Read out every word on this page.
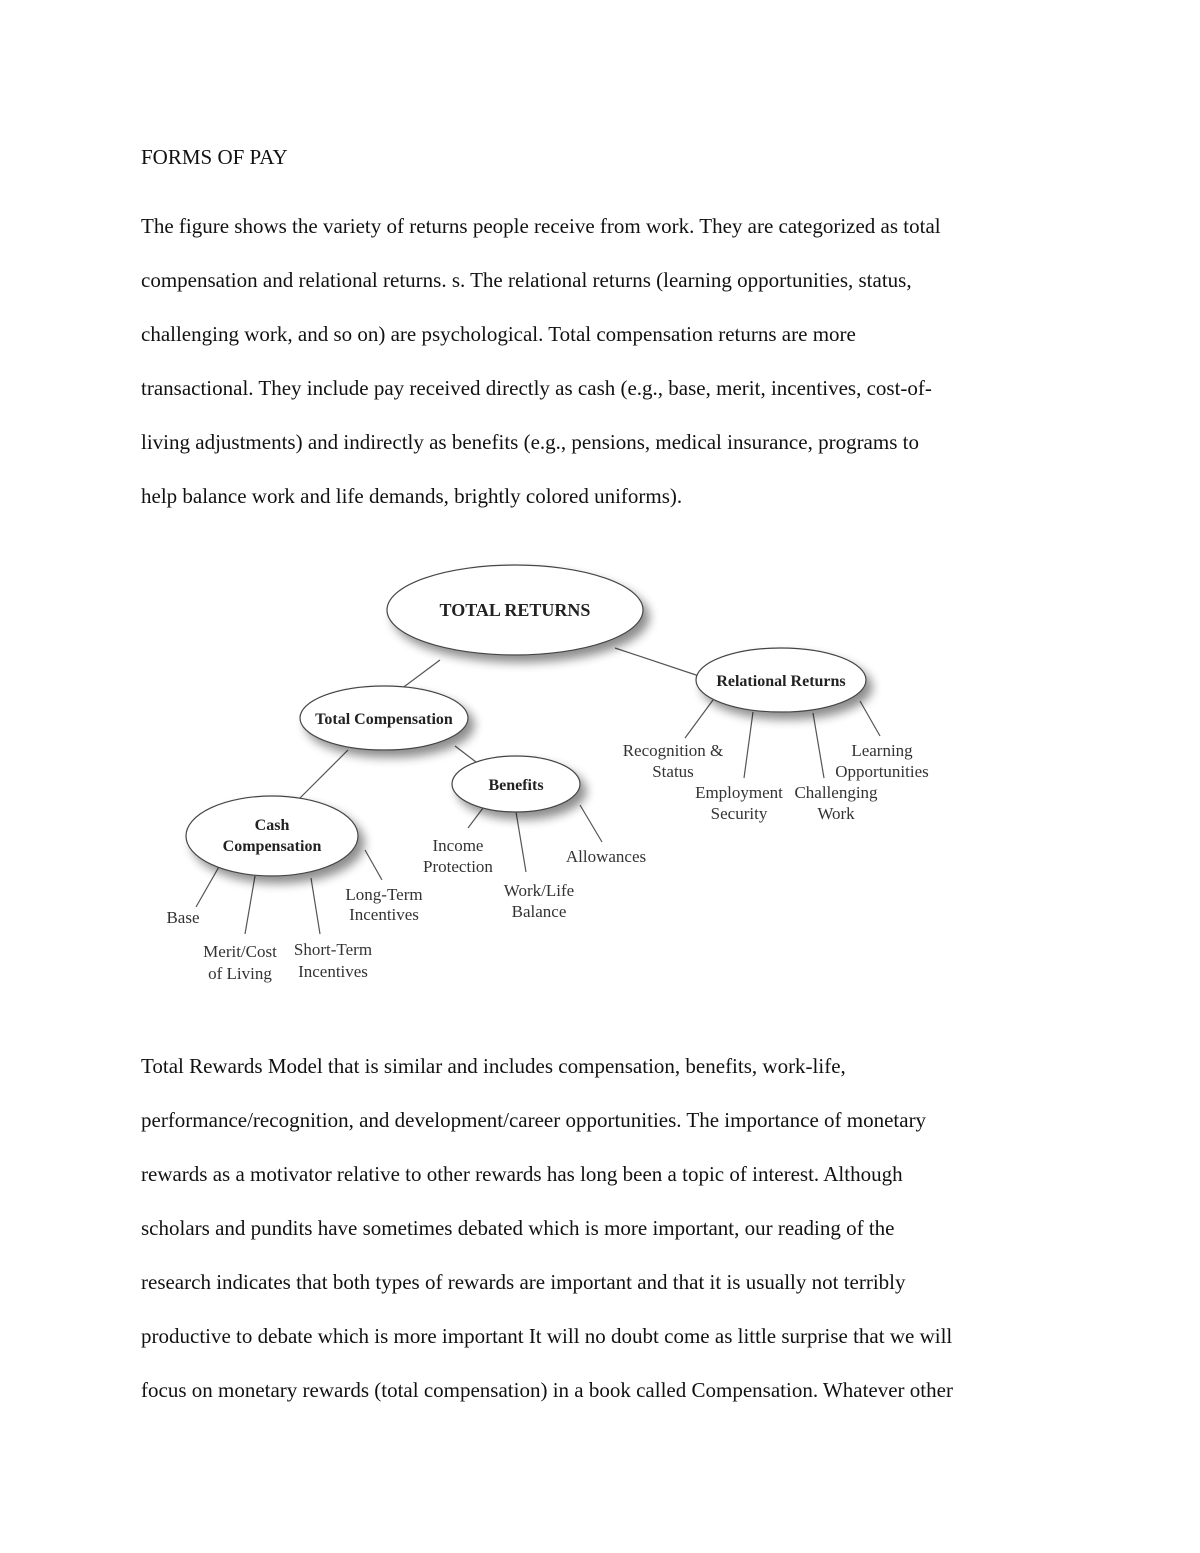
FORMS OF PAY

The figure shows the variety of returns people receive from work. They are categorized as total

compensation and relational returns. s. The relational returns (learning opportunities, status,

challenging work, and so on) are psychological. Total compensation returns are more

transactional. They include pay received directly as cash (e.g., base, merit, incentives, cost-of-

living adjustments) and indirectly as benefits (e.g., pensions, medical insurance, programs to

help balance work and life demands, brightly colored uniforms).

TOTAL RETURNS
Total Compensation
Relational Returns
Benefits
Cash
Compensation
Base
Merit/Cost
of Living
Short-Term
Incentives
Long-Term
Incentives
Income
Protection
Work/Life
Balance
Allowances
Recognition &
Status
Employment
Security
Challenging
Work
Learning
Opportunities

Total Rewards Model that is similar and includes compensation, benefits, work-life,

performance/recognition, and development/career opportunities. The importance of monetary

rewards as a motivator relative to other rewards has long been a topic of interest. Although

scholars and pundits have sometimes debated which is more important, our reading of the

research indicates that both types of rewards are important and that it is usually not terribly

productive to debate which is more important It will no doubt come as little surprise that we will

focus on monetary rewards (total compensation) in a book called Compensation. Whatever other
